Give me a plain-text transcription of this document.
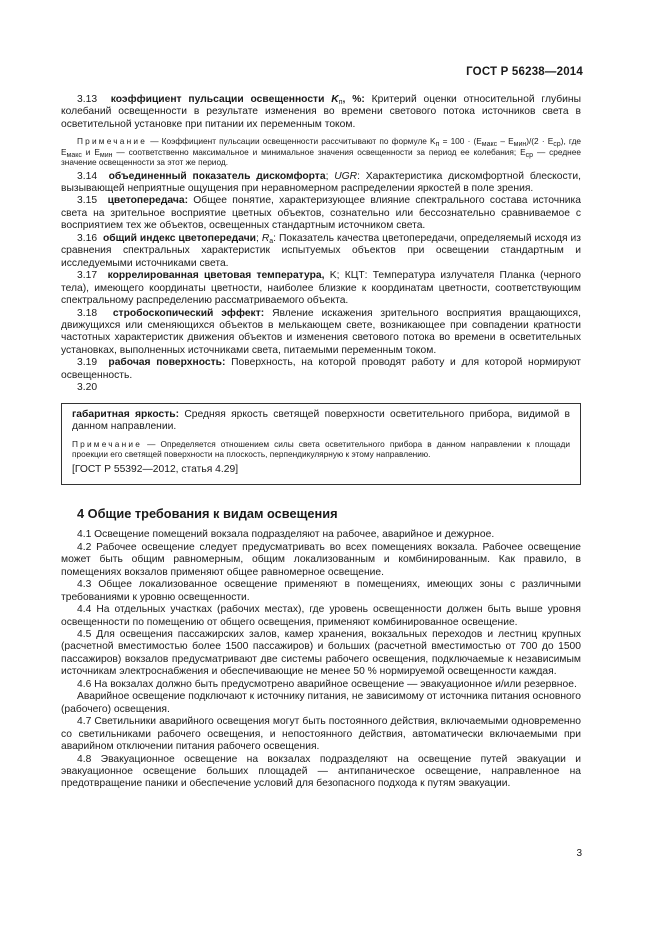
ГОСТ Р 56238—2014

3.13 коэффициент пульсации освещенности $K_п$, %: Критерий оценки относительной глубины колебаний освещенности в результате изменения во времени светового потока источников света в осветительной установке при питании их переменным током.

Примечание — Коэффициент пульсации освещенности рассчитывают по формуле $K_п = 100 \cdot (E_{макс} - E_{мин})/(2 \cdot E_{ср})$, где $E_{макс}$ и $E_{мин}$ — соответственно максимальное и минимальное значения освещенности за период ее колебания; $E_{ср}$ — среднее значение освещенности за этот же период.

3.14 объединенный показатель дискомфорта; UGR: Характеристика дискомфортной блескости, вызывающей неприятные ощущения при неравномерном распределении яркостей в поле зрения.

3.15 цветопередача: Общее понятие, характеризующее влияние спектрального состава источника света на зрительное восприятие цветных объектов, сознательно или бессознательно сравниваемое с восприятием тех же объектов, освещенных стандартным источником света.

3.16 общий индекс цветопередачи; $R_a$: Показатель качества цветопередачи, определяемый исходя из сравнения спектральных характеристик испытуемых объектов при освещении стандартным и исследуемыми источниками света.

3.17 коррелированная цветовая температура, K; КЦТ: Температура излучателя Планка (черного тела), имеющего координаты цветности, наиболее близкие к координатам цветности, соответствующим спектральному распределению рассматриваемого объекта.

3.18 стробоскопический эффект: Явление искажения зрительного восприятия вращающихся, движущихся или сменяющихся объектов в мелькающем свете, возникающее при совпадении кратности частотных характеристик движения объектов и изменения светового потока во времени в осветительных установках, выполненных источниками света, питаемыми переменным током.

3.19 рабочая поверхность: Поверхность, на которой проводят работу и для которой нормируют освещенность.

3.20

габаритная яркость: Средняя яркость светящей поверхности осветительного прибора, видимой в данном направлении.

Примечание — Определяется отношением силы света осветительного прибора в данном направлении к площади проекции его светящей поверхности на плоскость, перпендикулярную к этому направлению.

[ГОСТ Р 55392—2012, статья 4.29]

4 Общие требования к видам освещения

4.1 Освещение помещений вокзала подразделяют на рабочее, аварийное и дежурное.

4.2 Рабочее освещение следует предусматривать во всех помещениях вокзала. Рабочее освещение может быть общим равномерным, общим локализованным и комбинированным. Как правило, в помещениях вокзалов применяют общее равномерное освещение.

4.3 Общее локализованное освещение применяют в помещениях, имеющих зоны с различными требованиями к уровню освещенности.

4.4 На отдельных участках (рабочих местах), где уровень освещенности должен быть выше уровня освещенности по помещению от общего освещения, применяют комбинированное освещение.

4.5 Для освещения пассажирских залов, камер хранения, вокзальных переходов и лестниц крупных (расчетной вместимостью более 1500 пассажиров) и больших (расчетной вместимостью от 700 до 1500 пассажиров) вокзалов предусматривают две системы рабочего освещения, подключаемые к независимым источникам электроснабжения и обеспечивающие не менее 50 % нормируемой освещенности каждая.

4.6 На вокзалах должно быть предусмотрено аварийное освещение — эвакуационное и/или резервное.

Аварийное освещение подключают к источнику питания, не зависимому от источника питания основного (рабочего) освещения.

4.7 Светильники аварийного освещения могут быть постоянного действия, включаемыми одновременно со светильниками рабочего освещения, и непостоянного действия, автоматически включаемыми при аварийном отключении питания рабочего освещения.

4.8 Эвакуационное освещение на вокзалах подразделяют на освещение путей эвакуации и эвакуационное освещение больших площадей — антипаническое освещение, направленное на предотвращение паники и обеспечение условий для безопасного подхода к путям эвакуации.

3
